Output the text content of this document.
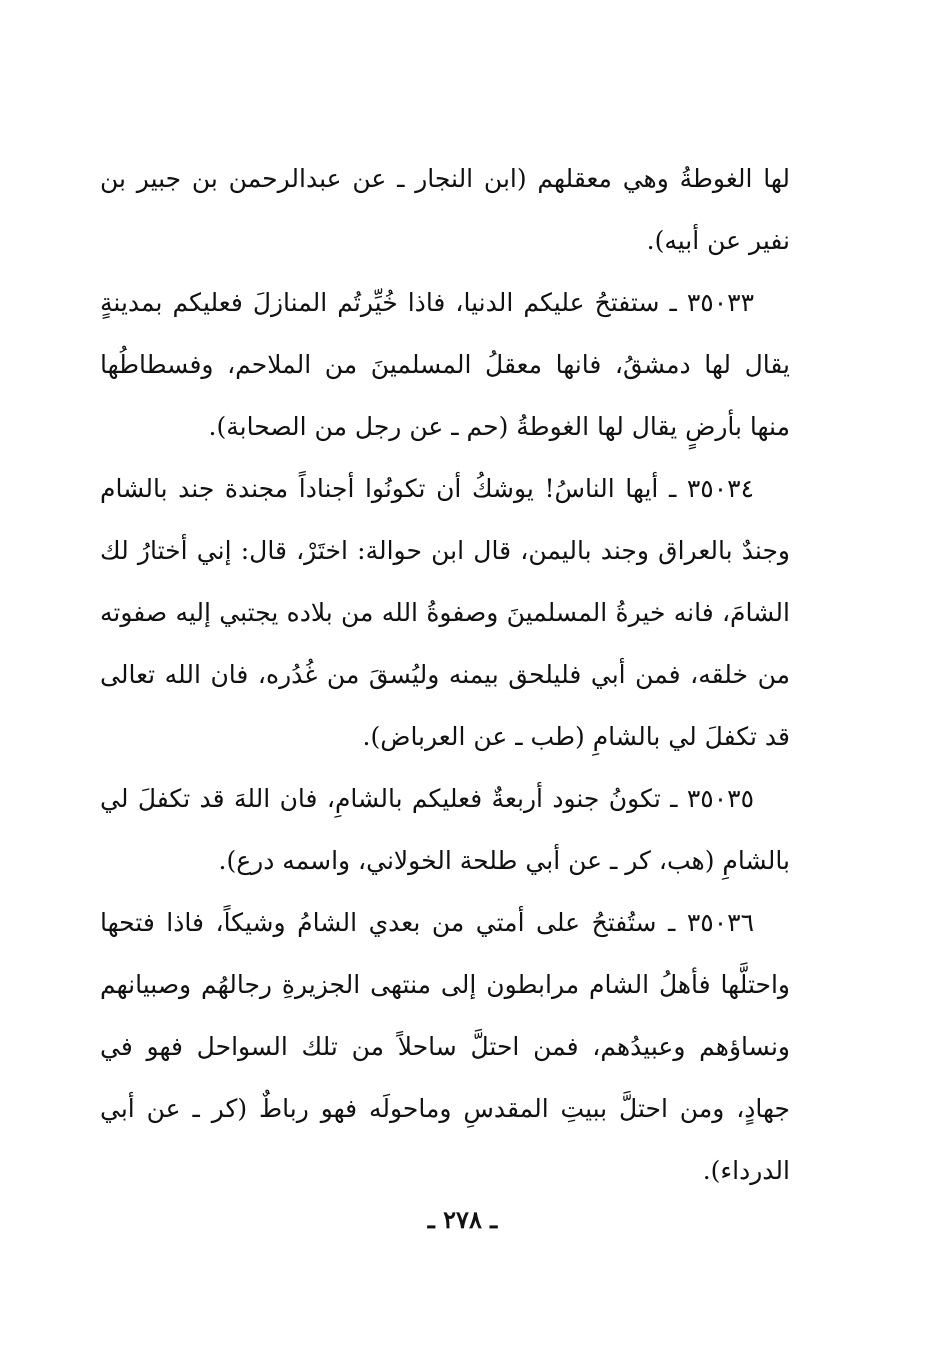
لها الغوطةُ وهي معقلهم (ابن النجار ـ عن عبدالرحمن بن جبير بن نفير عن أبيه).

٣٥٠٣٣ ـ ستفتحُ عليكم الدنيا، فاذا خُيِّرتُم المنازلَ فعليكم بمدينةٍ يقال لها دمشقُ، فانها معقلُ المسلمينَ من الملاحم، وفسطاطُها منها بأرضٍ يقال لها الغوطةُ (حم ـ عن رجل من الصحابة).

٣٥٠٣٤ ـ أيها الناسُ! يوشكُ أن تكونُوا أجناداً مجندة جند بالشام وجندٌ بالعراق وجند باليمن، قال ابن حوالة: اختَرْ، قال: إني أختارُ لك الشامَ، فانه خيرةُ المسلمينَ وصفوةُ الله من بلاده يجتبي إليه صفوته من خلقه، فمن أبي فليلحق بيمنه وليُسقَ من غُدُره، فان الله تعالى قد تكفلَ لي بالشامِ (طب ـ عن العرباض).

٣٥٠٣٥ ـ تكونُ جنود أربعةٌ فعليكم بالشامِ، فان اللهَ قد تكفلَ لي بالشامِ (هب، كر ـ عن أبي طلحة الخولاني، واسمه درع).

٣٥٠٣٦ ـ ستُفتحُ على أمتي من بعدي الشامُ وشيكاً، فاذا فتحها واحتلَّها فأهلُ الشام مرابطون إلى منتهى الجزيرةِ رجالهُم وصبيانهم ونساؤهم وعبيدُهم، فمن احتلَّ ساحلاً من تلك السواحل فهو في جهادٍ، ومن احتلَّ ببيتِ المقدسِ وماحولَه فهو رباطٌ (كر ـ عن أبي الدرداء).

ـ ٢٧٨ ـ
